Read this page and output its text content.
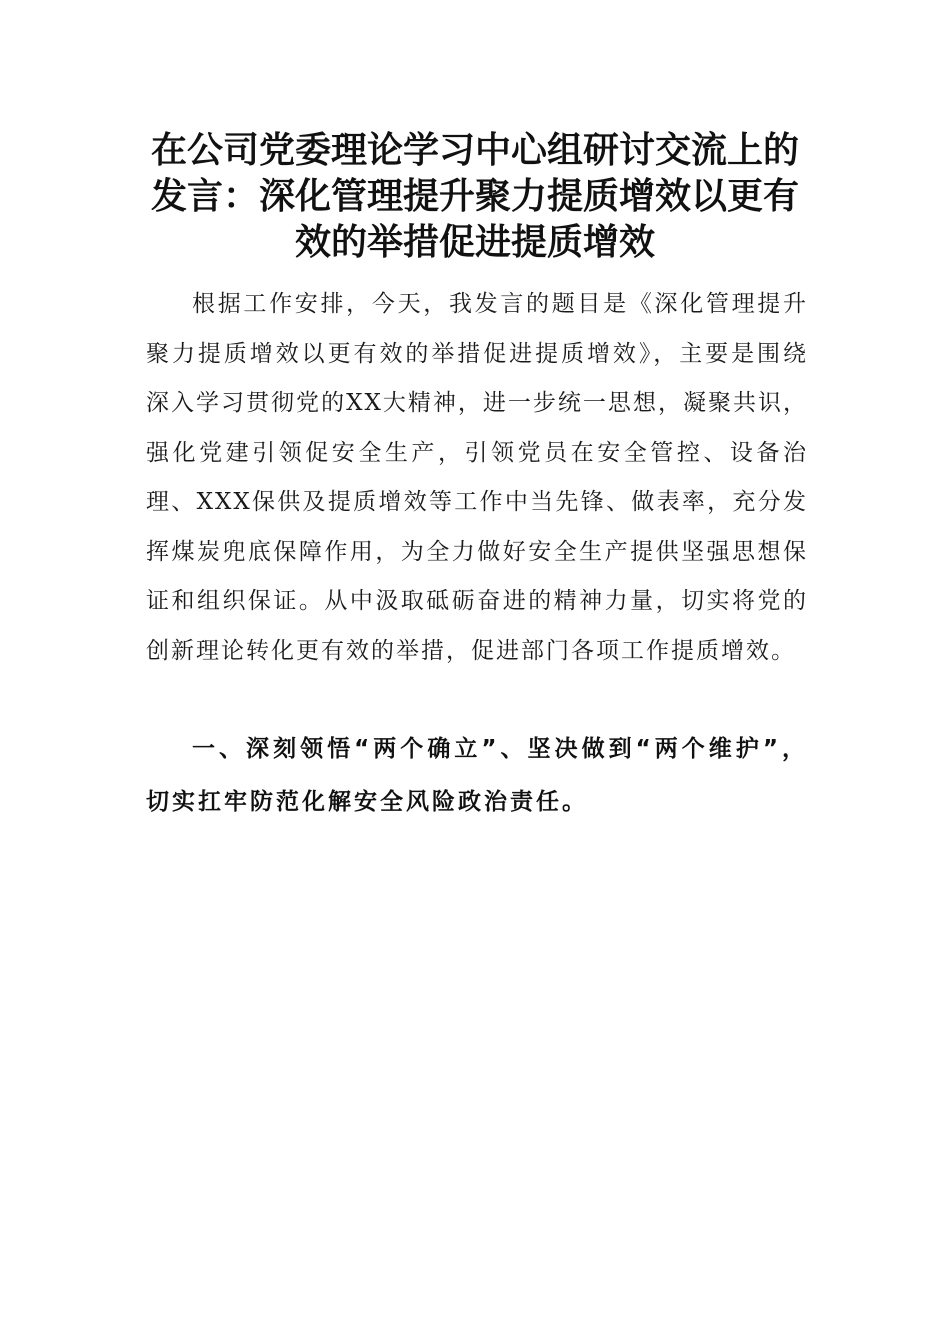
在公司党委理论学习中心组研讨交流上的发言：深化管理提升聚力提质增效以更有效的举措促进提质增效

根据工作安排，今天，我发言的题目是《深化管理提升聚力提质增效以更有效的举措促进提质增效》，主要是围绕深入学习贯彻党的XX大精神，进一步统一思想，凝聚共识，强化党建引领促安全生产，引领党员在安全管控、设备治理、XXX保供及提质增效等工作中当先锋、做表率，充分发挥煤炭兜底保障作用，为全力做好安全生产提供坚强思想保证和组织保证。从中汲取砥砺奋进的精神力量，切实将党的创新理论转化更有效的举措，促进部门各项工作提质增效。

一、深刻领悟“两个确立”、坚决做到“两个维护”，切实扛牢防范化解安全风险政治责任。
